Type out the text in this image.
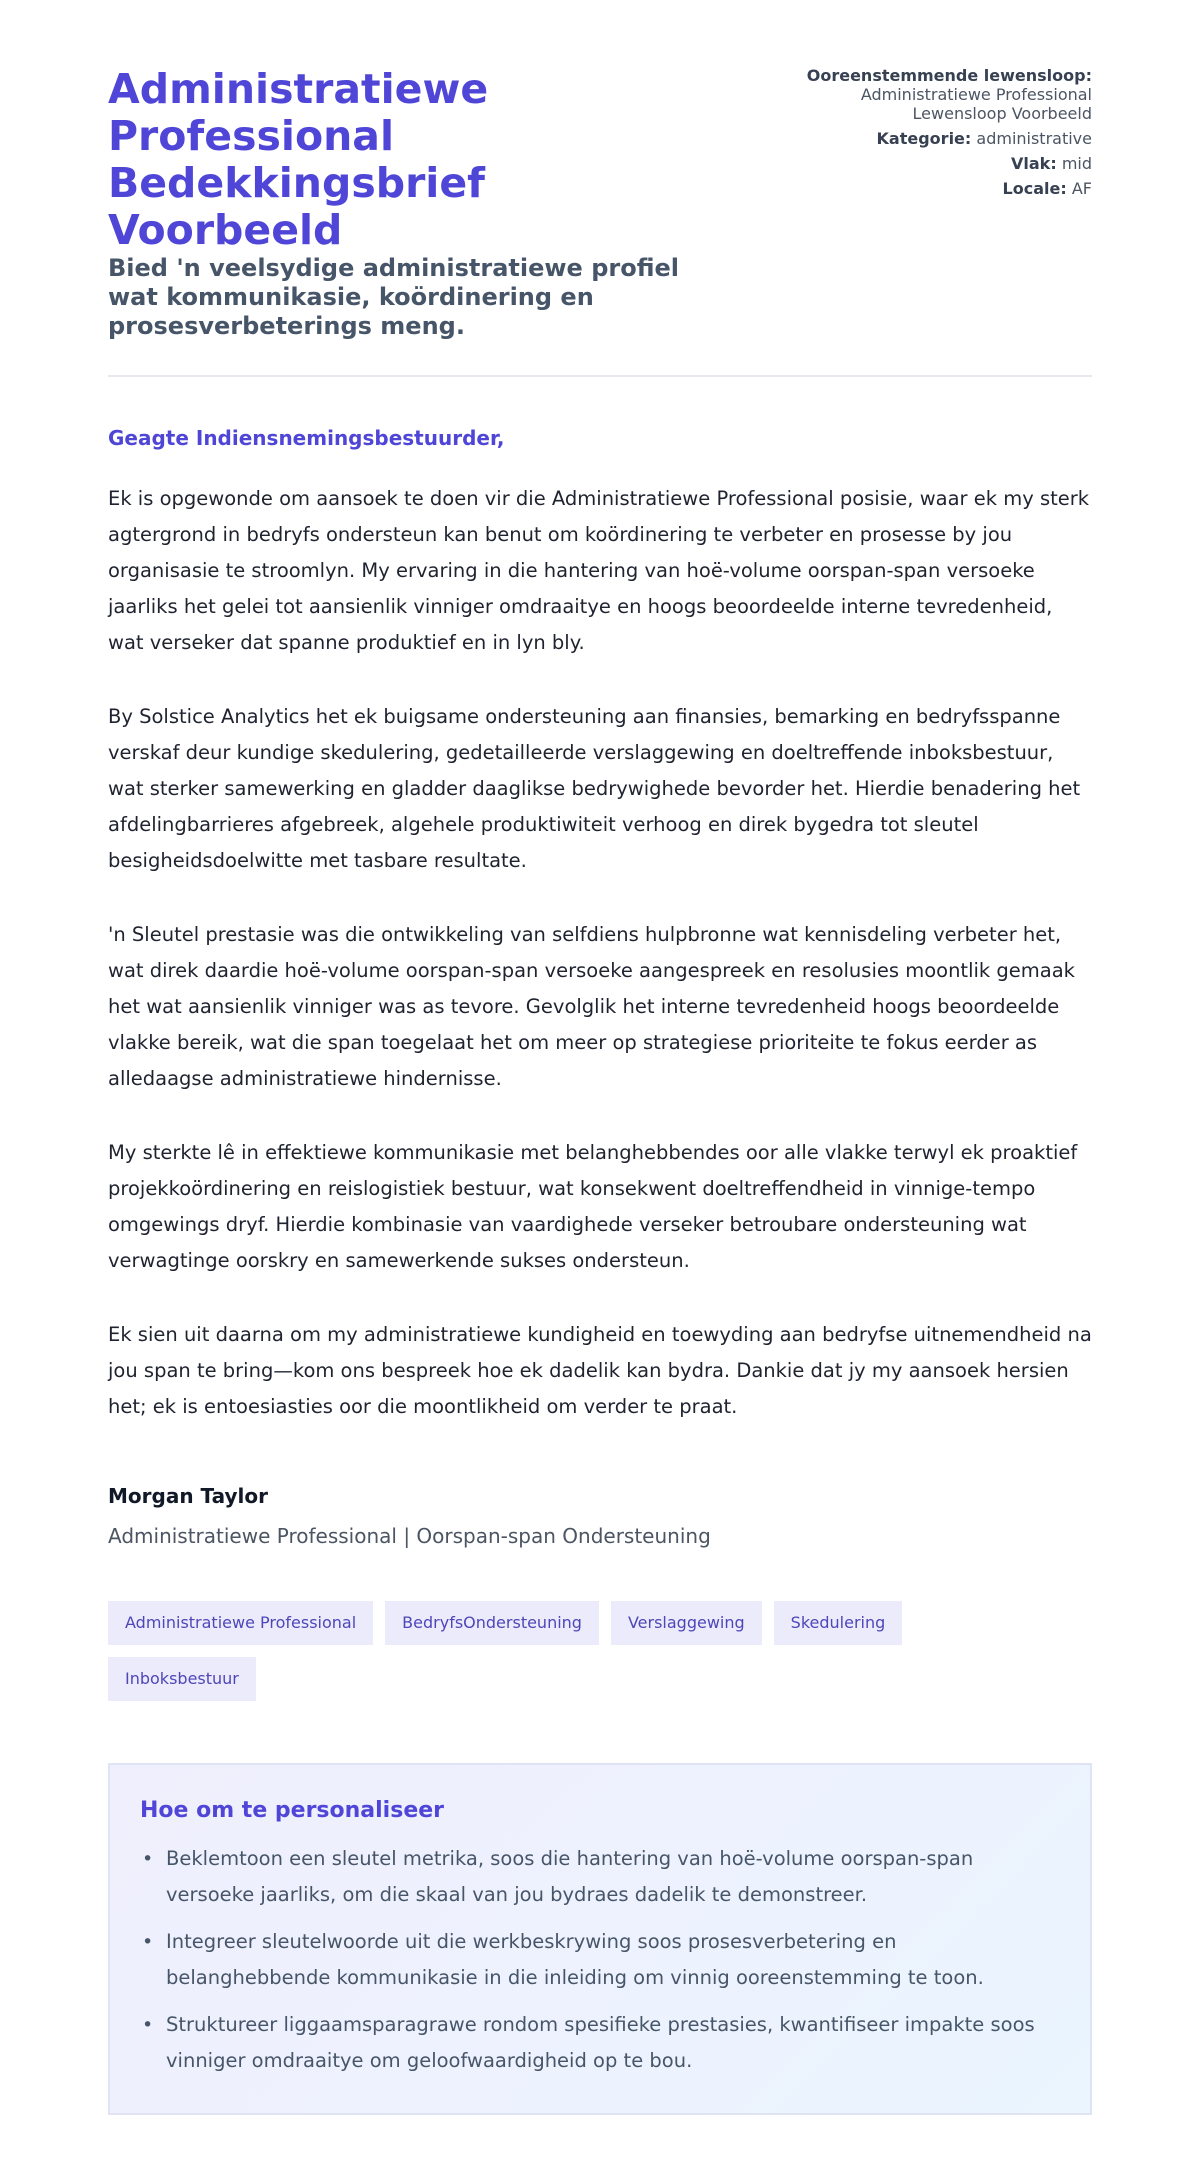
Administratiewe Professional Bedekkingsbrief Voorbeeld
Bied 'n veelsydige administratiewe profiel wat kommunikasie, koördinering en prosesverbeterings meng.
Ooreenstemmende lewensloop:
Administratiewe Professional Lewensloop Voorbeeld
Kategorie: administrative
Vlak: mid
Locale: AF
Geagte Indiensnemingsbestuurder,

Ek is opgewonde om aansoek te doen vir die Administratiewe Professional posisie, waar ek my sterk agtergrond in bedryfs ondersteun kan benut om koördinering te verbeter en prosesse by jou organisasie te stroomlyn. My ervaring in die hantering van hoë-volume oorspan-span versoeke jaarliks het gelei tot aansienlik vinniger omdraaitye en hoogs beoordeelde interne tevredenheid, wat verseker dat spanne produktief en in lyn bly.

By Solstice Analytics het ek buigsame ondersteuning aan finansies, bemarking en bedryfsspanne verskaf deur kundige skedulering, gedetailleerde verslaggewing en doeltreffende inboksbestuur, wat sterker samewerking en gladder daaglikse bedrywighede bevorder het. Hierdie benadering het afdelingbarrieres afgebreek, algehele produktiwiteit verhoog en direk bygedra tot sleutel besigheidsdoelwitte met tasbare resultate.

'n Sleutel prestasie was die ontwikkeling van selfdiens hulpbronne wat kennisdeling verbeter het, wat direk daardie hoë-volume oorspan-span versoeke aangespreek en resolusies moontlik gemaak het wat aansienlik vinniger was as tevore. Gevolglik het interne tevredenheid hoogs beoordeelde vlakke bereik, wat die span toegelaat het om meer op strategiese prioriteite te fokus eerder as alledaagse administratiewe hindernisse.

My sterkte lê in effektiewe kommunikasie met belanghebbendes oor alle vlakke terwyl ek proaktief projekkoördinering en reislogistiek bestuur, wat konsekwent doeltreffendheid in vinnige-tempo omgewings dryf. Hierdie kombinasie van vaardighede verseker betroubare ondersteuning wat verwagtinge oorskry en samewerkende sukses ondersteun.

Ek sien uit daarna om my administratiewe kundigheid en toewyding aan bedryfse uitnemendheid na jou span te bring—kom ons bespreek hoe ek dadelik kan bydra. Dankie dat jy my aansoek hersien het; ek is entoesiasties oor die moontlikheid om verder te praat.

Morgan Taylor
Administratiewe Professional | Oorspan-span Ondersteuning
Administratiewe Professional	BedryfsOndersteuning	Verslaggewing	Skedulering
Inboksbestuur
Hoe om te personaliseer
• Beklemtoon een sleutel metrika, soos die hantering van hoë-volume oorspan-span versoeke jaarliks, om die skaal van jou bydraes dadelik te demonstreer.
• Integreer sleutelwoorde uit die werkbeskrywing soos prosesverbetering en belanghebbende kommunikasie in die inleiding om vinnig ooreenstemming te toon.
• Struktureer liggaamsparagrawe rondom spesifieke prestasies, kwantifiseer impakte soos vinniger omdraaitye om geloofwaardigheid op te bou.
